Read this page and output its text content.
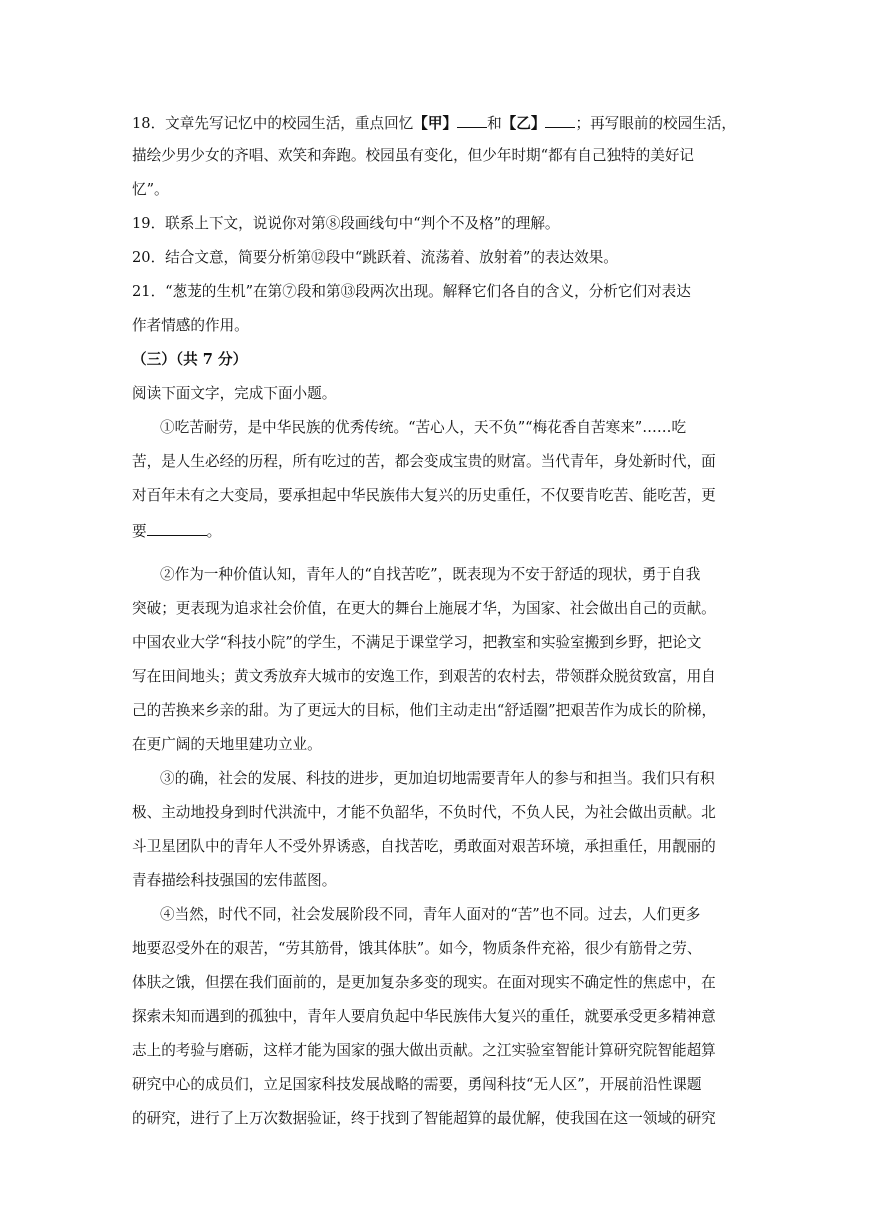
18．文章先写记忆中的校园生活，重点回忆【甲】 和【乙】 ；再写眼前的校园生活，
描绘少男少女的齐唱、欢笑和奔跑。校园虽有变化，但少年时期“都有自己独特的美好记
忆”。
19．联系上下文，说说你对第⑧段画线句中“判个不及格”的理解。
20．结合文意，简要分析第⑫段中“跳跃着、流荡着、放射着”的表达效果。
21．“葱茏的生机”在第⑦段和第⑬段两次出现。解释它们各自的含义，分析它们对表达
作者情感的作用。
（三）（共 7 分）
阅读下面文字，完成下面小题。
①吃苦耐劳，是中华民族的优秀传统。“苦心人，天不负”“梅花香自苦寒来”……吃
苦，是人生必经的历程，所有吃过的苦，都会变成宝贵的财富。当代青年，身处新时代，面
对百年未有之大变局，要承担起中华民族伟大复兴的历史重任，不仅要肯吃苦、能吃苦，更
要	。
②作为一种价值认知，青年人的“自找苦吃”，既表现为不安于舒适的现状，勇于自我
突破；更表现为追求社会价值，在更大的舞台上施展才华，为国家、社会做出自己的贡献。
中国农业大学“科技小院”的学生，不满足于课堂学习，把教室和实验室搬到乡野，把论文
写在田间地头；黄文秀放弃大城市的安逸工作，到艰苦的农村去，带领群众脱贫致富，用自
己的苦换来乡亲的甜。为了更远大的目标，他们主动走出“舒适圈”把艰苦作为成长的阶梯，
在更广阔的天地里建功立业。
③的确，社会的发展、科技的进步，更加迫切地需要青年人的参与和担当。我们只有积
极、主动地投身到时代洪流中，才能不负韶华，不负时代，不负人民，为社会做出贡献。北
斗卫星团队中的青年人不受外界诱惑，自找苦吃，勇敢面对艰苦环境，承担重任，用靓丽的
青春描绘科技强国的宏伟蓝图。
④当然，时代不同，社会发展阶段不同，青年人面对的“苦”也不同。过去，人们更多
地要忍受外在的艰苦，“劳其筋骨，饿其体肤”。如今，物质条件充裕，很少有筋骨之劳、
体肤之饿，但摆在我们面前的，是更加复杂多变的现实。在面对现实不确定性的焦虑中，在
探索未知而遇到的孤独中，青年人要肩负起中华民族伟大复兴的重任，就要承受更多精神意
志上的考验与磨砺，这样才能为国家的强大做出贡献。之江实验室智能计算研究院智能超算
研究中心的成员们，立足国家科技发展战略的需要，勇闯科技“无人区”，开展前沿性课题
的研究，进行了上万次数据验证，终于找到了智能超算的最优解，使我国在这一领域的研究
